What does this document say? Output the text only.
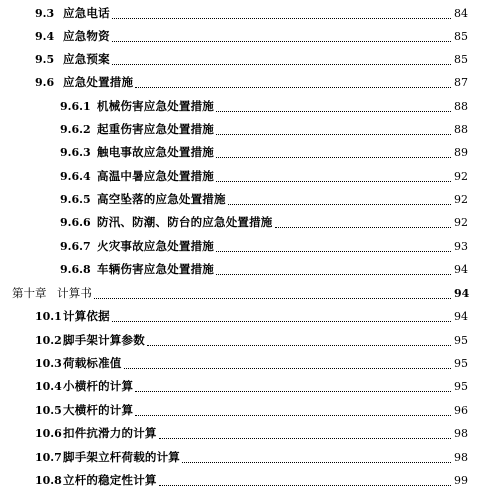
9.3 应急电话	84
9.4 应急物资	85
9.5 应急预案	85
9.6 应急处置措施	87
9.6.1 机械伤害应急处置措施	88
9.6.2 起重伤害应急处置措施	88
9.6.3 触电事故应急处置措施	89
9.6.4 高温中暑应急处置措施	92
9.6.5 高空坠落的应急处置措施	92
9.6.6 防汛、防潮、防台的应急处置措施	92
9.6.7 火灾事故应急处置措施	93
9.6.8 车辆伤害应急处置措施	94
第十章 计算书	94
10.1 计算依据	94
10.2 脚手架计算参数	95
10.3 荷载标准值	95
10.4 小横杆的计算	95
10.5 大横杆的计算	96
10.6 扣件抗滑力的计算	98
10.7 脚手架立杆荷载的计算	98
10.8 立杆的稳定性计算	99
